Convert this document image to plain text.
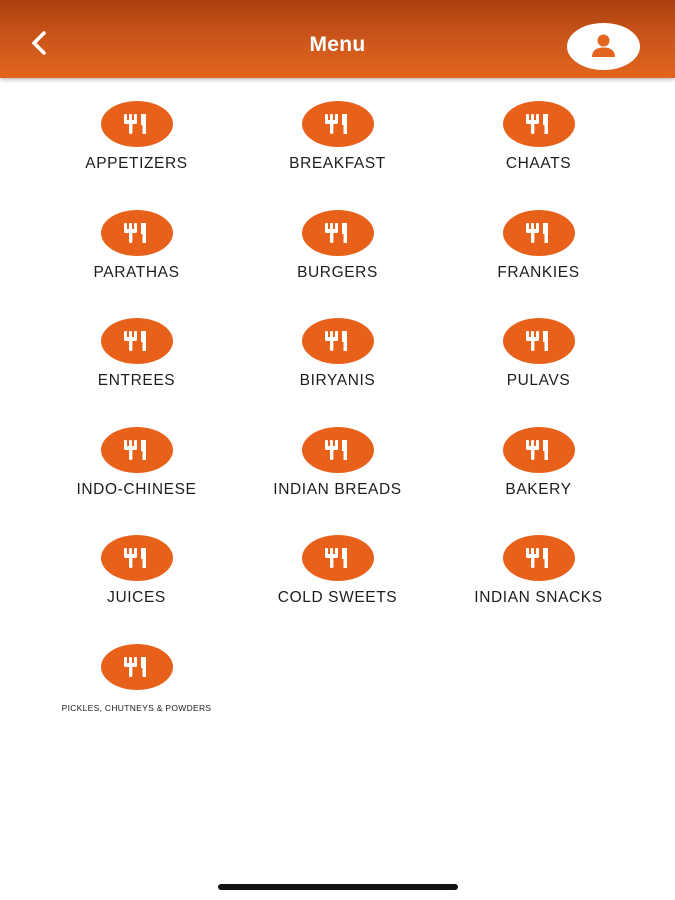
Menu
APPETIZERS	BREAKFAST	CHAATS
PARATHAS	BURGERS	FRANKIES
ENTREES	BIRYANIS	PULAVS
INDO-CHINESE	INDIAN BREADS	BAKERY
JUICES	COLD SWEETS	INDIAN SNACKS
PICKLES, CHUTNEYS & POWDERS
